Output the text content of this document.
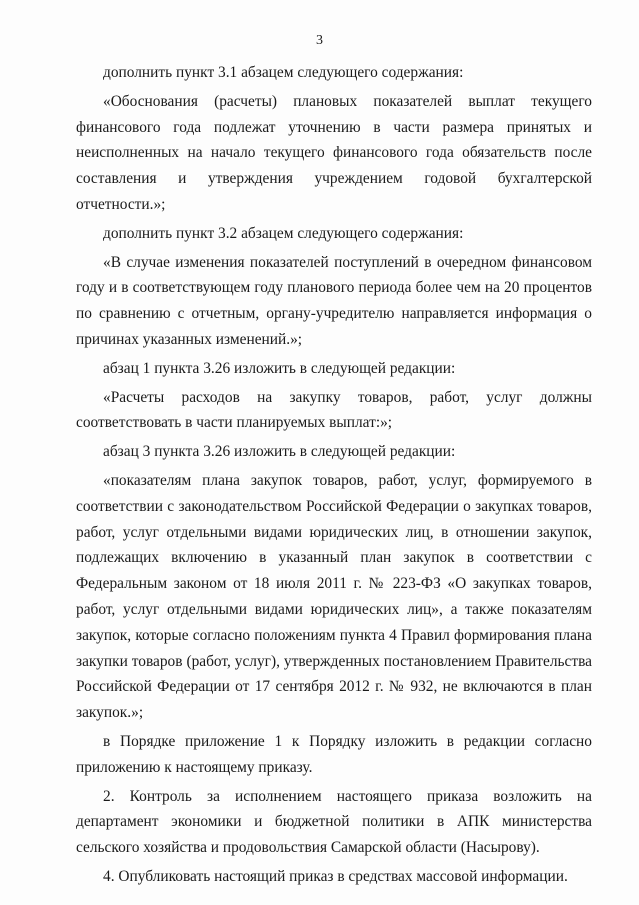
3

дополнить пункт 3.1 абзацем следующего содержания:

«Обоснования (расчеты) плановых показателей выплат текущего финансового года подлежат уточнению в части размера принятых и неисполненных на начало текущего финансового года обязательств после составления и утверждения учреждением годовой бухгалтерской отчетности.»;

дополнить пункт 3.2 абзацем следующего содержания:

«В случае изменения показателей поступлений в очередном финансовом году и в соответствующем году планового периода более чем на 20 процентов по сравнению с отчетным, органу-учредителю направляется информация о причинах указанных изменений.»;

абзац 1 пункта 3.26 изложить в следующей редакции:

«Расчеты расходов на закупку товаров, работ, услуг должны соответствовать в части планируемых выплат:»;

абзац 3 пункта 3.26 изложить в следующей редакции:

«показателям плана закупок товаров, работ, услуг, формируемого в соответствии с законодательством Российской Федерации о закупках товаров, работ, услуг отдельными видами юридических лиц, в отношении закупок, подлежащих включению в указанный план закупок в соответствии с Федеральным законом от 18 июля 2011 г. № 223-ФЗ «О закупках товаров, работ, услуг отдельными видами юридических лиц», а также показателям закупок, которые согласно положениям пункта 4 Правил формирования плана закупки товаров (работ, услуг), утвержденных постановлением Правительства Российской Федерации от 17 сентября 2012 г. № 932, не включаются в план закупок.»;

в Порядке приложение 1 к Порядку изложить в редакции согласно приложению к настоящему приказу.

2. Контроль за исполнением настоящего приказа возложить на департамент экономики и бюджетной политики в АПК министерства сельского хозяйства и продовольствия Самарской области (Насырову).

4. Опубликовать настоящий приказ в средствах массовой информации.
